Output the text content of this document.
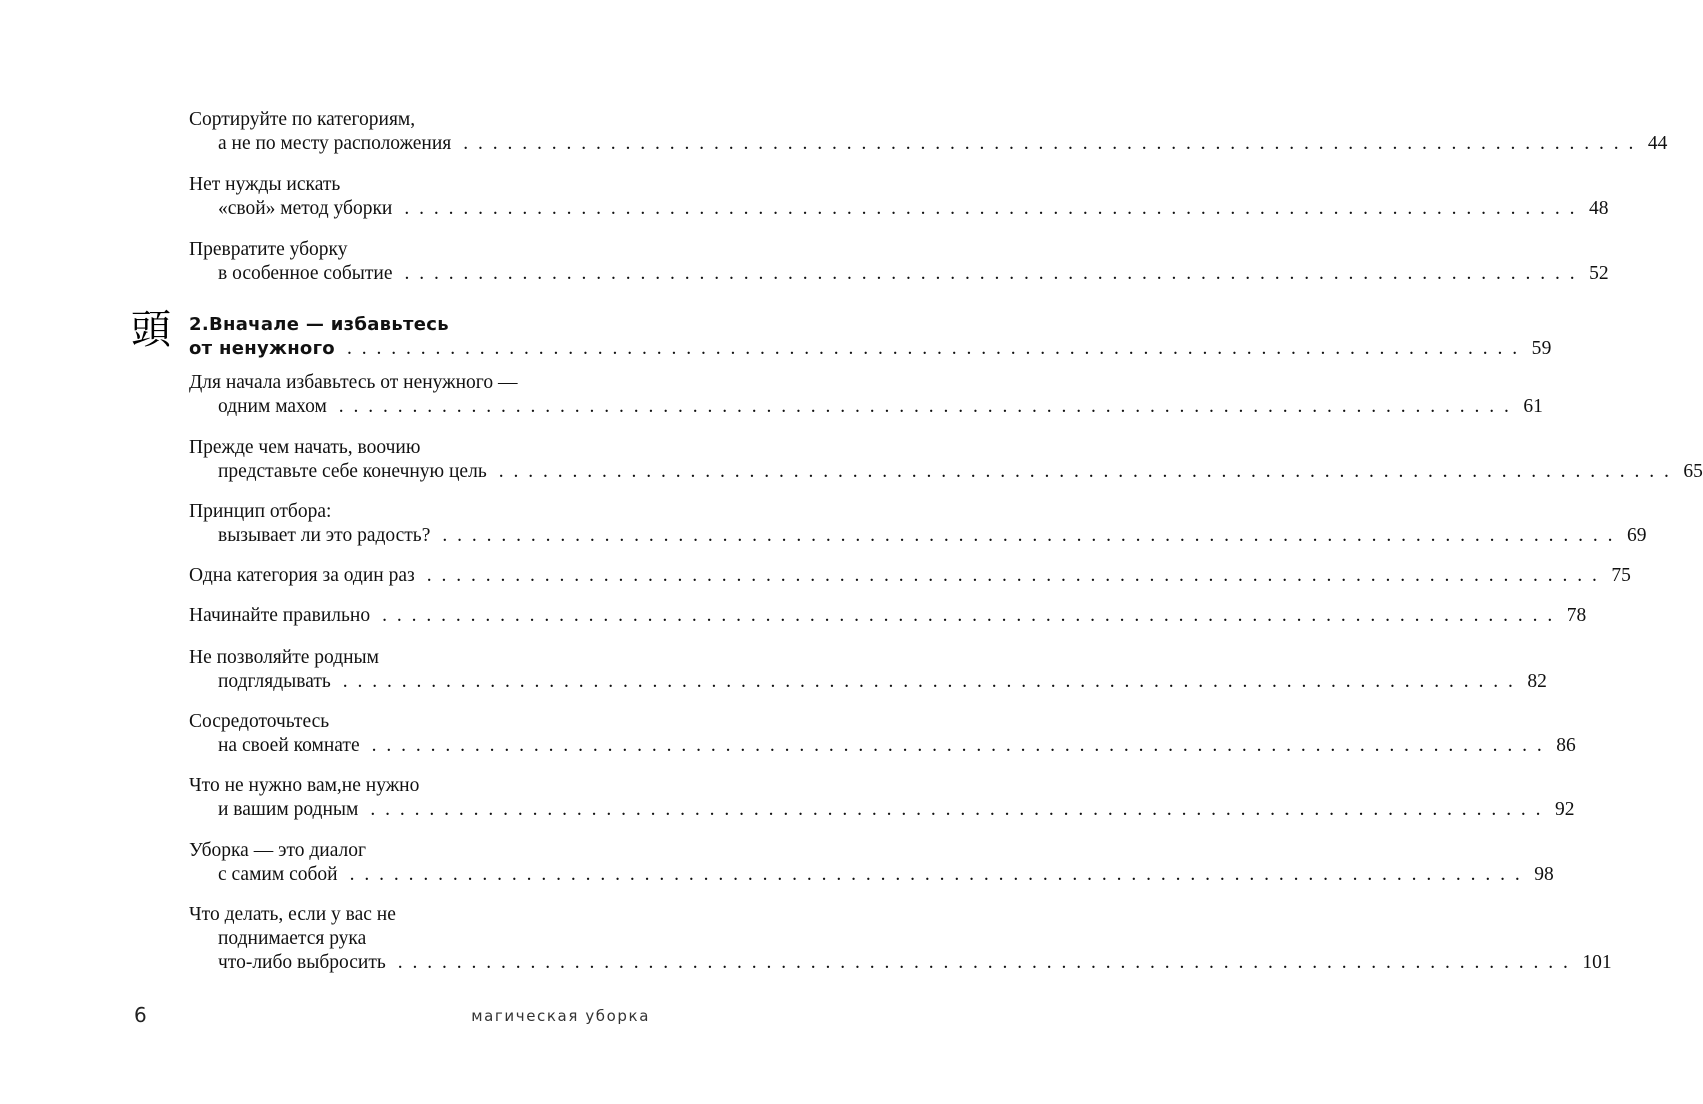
頭
Сортируйте по категориям,
а не по месту расположения . . . . . . . . . . . . . . . . . . . . . . . . . . . . . . . . . . . . . . . . . . . . . . . . . . . . . . . . . . . . . . . . . . . . . . . . . . . . . . . . 44
Нет нужды искать
«свой» метод уборки . . . . . . . . . . . . . . . . . . . . . . . . . . . . . . . . . . . . . . . . . . . . . . . . . . . . . . . . . . . . . . . . . . . . . . . . . . . . . . . . 48
Превратите уборку
в особенное событие . . . . . . . . . . . . . . . . . . . . . . . . . . . . . . . . . . . . . . . . . . . . . . . . . . . . . . . . . . . . . . . . . . . . . . . . . . . . . . . . 52
2.Вначале — избавьтесь
от ненужного . . . . . . . . . . . . . . . . . . . . . . . . . . . . . . . . . . . . . . . . . . . . . . . . . . . . . . . . . . . . . . . . . . . . . . . . . . . . . . . . 59
Для начала избавьтесь от ненужного —
одним махом . . . . . . . . . . . . . . . . . . . . . . . . . . . . . . . . . . . . . . . . . . . . . . . . . . . . . . . . . . . . . . . . . . . . . . . . . . . . . . . . 61
Прежде чем начать, воочию
представьте себе конечную цель . . . . . . . . . . . . . . . . . . . . . . . . . . . . . . . . . . . . . . . . . . . . . . . . . . . . . . . . . . . . . . . . . . . . . . . . . . . . . . . . 65
Принцип отбора:
вызывает ли это радость? . . . . . . . . . . . . . . . . . . . . . . . . . . . . . . . . . . . . . . . . . . . . . . . . . . . . . . . . . . . . . . . . . . . . . . . . . . . . . . . . 69
Одна категория за один раз . . . . . . . . . . . . . . . . . . . . . . . . . . . . . . . . . . . . . . . . . . . . . . . . . . . . . . . . . . . . . . . . . . . . . . . . . . . . . . . . 75
Начинайте правильно . . . . . . . . . . . . . . . . . . . . . . . . . . . . . . . . . . . . . . . . . . . . . . . . . . . . . . . . . . . . . . . . . . . . . . . . . . . . . . . . 78
Не позволяйте родным
подглядывать . . . . . . . . . . . . . . . . . . . . . . . . . . . . . . . . . . . . . . . . . . . . . . . . . . . . . . . . . . . . . . . . . . . . . . . . . . . . . . . . 82
Сосредоточьтесь
на своей комнате . . . . . . . . . . . . . . . . . . . . . . . . . . . . . . . . . . . . . . . . . . . . . . . . . . . . . . . . . . . . . . . . . . . . . . . . . . . . . . . . 86
Что не нужно вам,не нужно
и вашим родным . . . . . . . . . . . . . . . . . . . . . . . . . . . . . . . . . . . . . . . . . . . . . . . . . . . . . . . . . . . . . . . . . . . . . . . . . . . . . . . . 92
Уборка — это диалог
с самим собой . . . . . . . . . . . . . . . . . . . . . . . . . . . . . . . . . . . . . . . . . . . . . . . . . . . . . . . . . . . . . . . . . . . . . . . . . . . . . . . . 98
Что делать, если у вас не
поднимается рука
что-либо выбросить . . . . . . . . . . . . . . . . . . . . . . . . . . . . . . . . . . . . . . . . . . . . . . . . . . . . . . . . . . . . . . . . . . . . . . . . . . . . . . . . 101
6	магическая уборка
